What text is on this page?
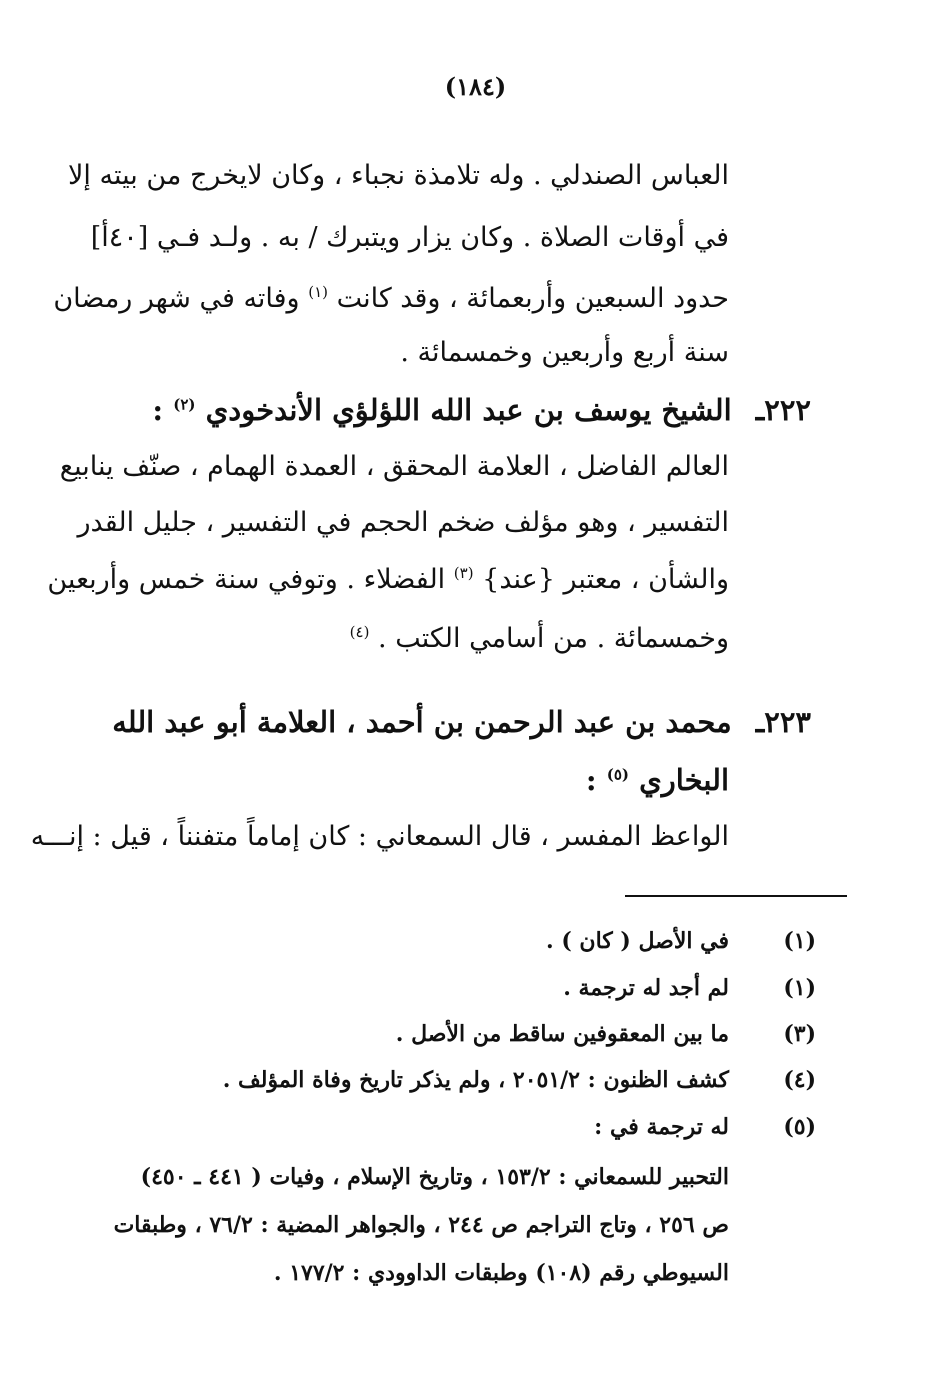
(١٨٤)
العباس الصندلي . وله تلامذة نجباء ، وكان لايخرج من بيته إلا
في أوقات الصلاة . وكان يزار ويتبرك / به . ولـد فـي [٤٠أ]
حدود السبعين وأربعمائة ، وقد كانت $^{(١)}$ وفاته في شهر رمضان
سنة أربع وأربعين وخمسمائة .
٢٢٢ـ الشيخ يوسف بن عبد الله اللؤلؤي الأندخودي $^{(٢)}$ :
العالم الفاضل ، العلامة المحقق ، العمدة الهمام ، صنّف ينابيع
التفسير ، وهو مؤلف ضخم الحجم في التفسير ، جليل القدر
والشأن ، معتبر {عند} $^{(٣)}$ الفضلاء . وتوفي سنة خمس وأربعين
وخمسمائة . من أسامي الكتب . $^{(٤)}$
٢٢٣ـ محمد بن عبد الرحمن بن أحمد ، العلامة أبو عبد الله
البخاري $^{(٥)}$ :
الواعظ المفسر ، قال السمعاني : كان إماماً متفنناً ، قيل : إنـــه
(١)
في الأصل ( كان ) .
(١)
لم أجد له ترجمة .
(٣)
ما بين المعقوفين ساقط من الأصل .
(٤)
كشف الظنون : ٢٠٥١/٢ ، ولم يذكر تاريخ وفاة المؤلف .
(٥)
له ترجمة في :
التحبير للسمعاني : ١٥٣/٢ ، وتاريخ الإسلام ، وفيات ( ٤٤١ ـ ٤٥٠)
ص ٢٥٦ ، وتاج التراجم ص ٢٤٤ ، والجواهر المضية : ٧٦/٢ ، وطبقات
السيوطي رقم (١٠٨) وطبقات الداوودي : ١٧٧/٢ .
